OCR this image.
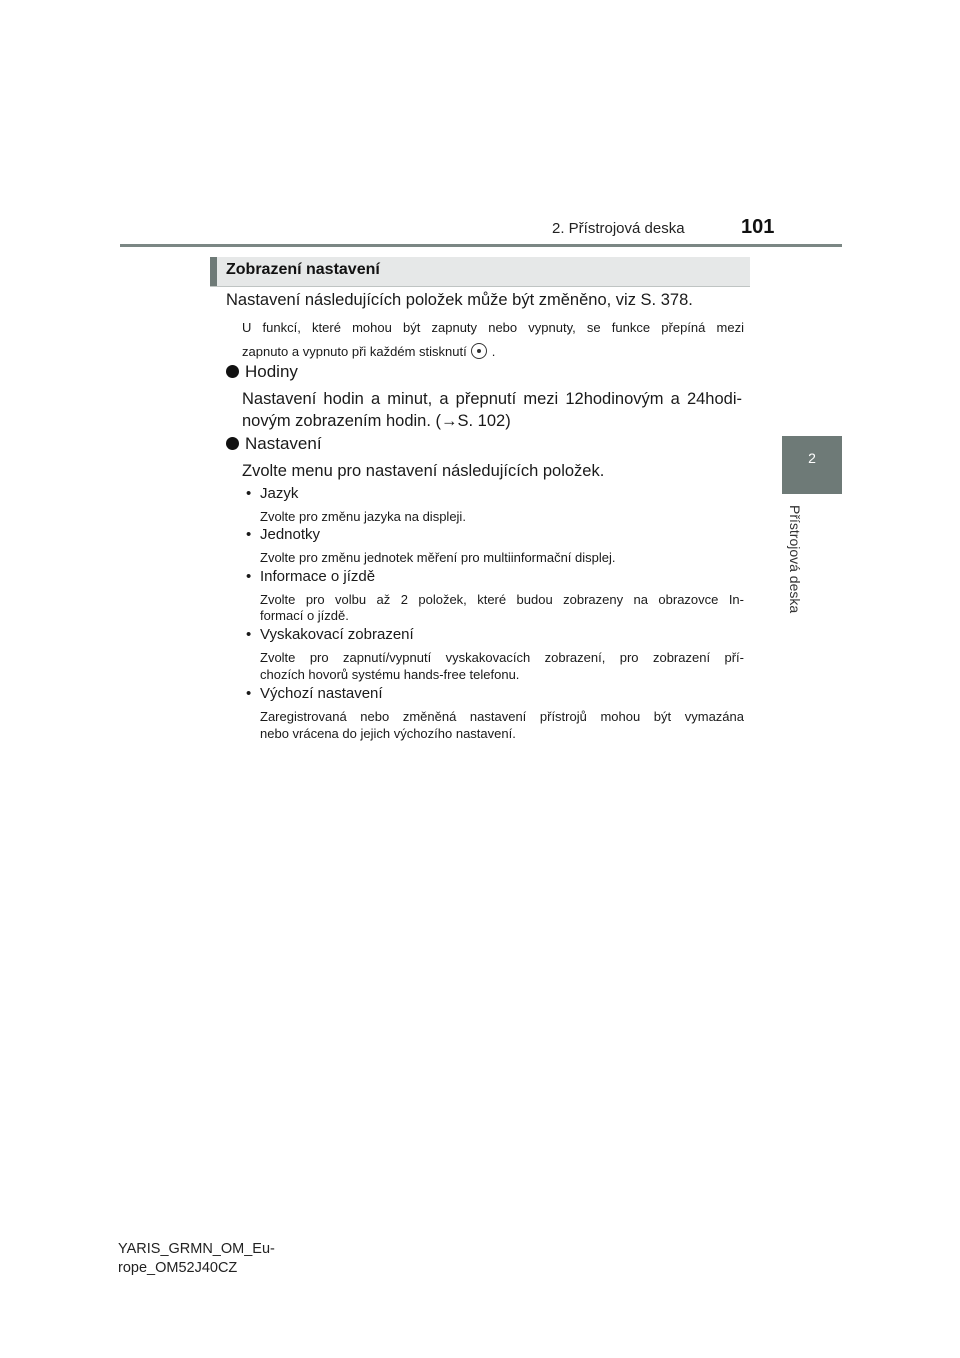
2. Přístrojová deska	101
2
Přístrojová deska
Zobrazení nastavení
Nastavení následujících položek může být změněno, viz S. 378.
U funkcí, které mohou být zapnuty nebo vypnuty, se funkce přepíná mezi
zapnuto a vypnuto při každém stisknutí .
Hodiny
Nastavení hodin a minut, a přepnutí mezi 12hodinovým a 24hodi-
novým zobrazením hodin. (→S. 102)
Nastavení
Zvolte menu pro nastavení následujících položek.
• Jazyk
Zvolte pro změnu jazyka na displeji.
• Jednotky
Zvolte pro změnu jednotek měření pro multiinformační displej.
• Informace o jízdě
Zvolte pro volbu až 2 položek, které budou zobrazeny na obrazovce In-
formací o jízdě.
• Vyskakovací zobrazení
Zvolte pro zapnutí/vypnutí vyskakovacích zobrazení, pro zobrazení pří-
chozích hovorů systému hands-free telefonu.
• Výchozí nastavení
Zaregistrovaná nebo změněná nastavení přístrojů mohou být vymazána
nebo vrácena do jejich výchozího nastavení.
YARIS_GRMN_OM_Eu-
rope_OM52J40CZ
